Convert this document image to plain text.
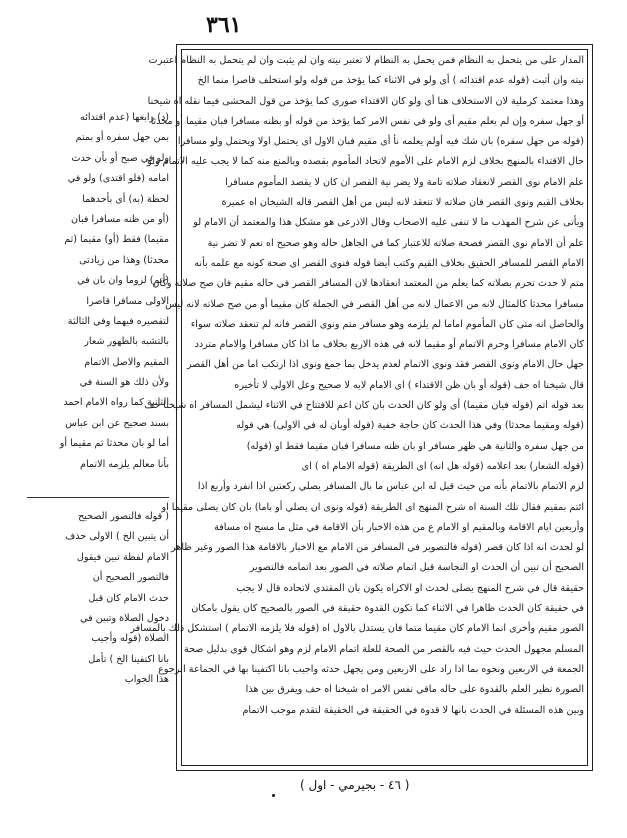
٣٦١
المدار على من يتحمل به النظام فمن يحمل به النظام لا تعتبر نيته وان لم يثبت وان لم يتحمل به النظام اعتبرت
نيته وان أثبت (قوله عدم اقتدائه ) أى ولو في الاثناء كما يؤخذ من قوله ولو استخلف قاصرا منما الخ
وهذا معتمد كرملية لان الاستخلاف هنا أى ولو كان الاقتداء صورى كما يؤخذ من قول المحشى فيما نقله اه شيخنا
أو جهل سفره وإن لم يعلم مقيم أى ولو في نفس الامر كما يؤخذ من قوله أو بظنه مسافرا فبان مقيما أو محدثا
(قوله من جهل سفره) بان شك فيه أولم يعلمه نأ أى مقيم فبان الاول اى يحتمل اولا ويحتمل ولو مسافرا
حال الاقتداء بالمنهج بخلاف لزم الامام على الأموم لاتحاد المأموم بقصده وبالمنع منه كما لا يجب عليه الاتمام ولو
علم الامام نوى القصر لانعقاد صلاته تامة ولا يضر نية القصر ان كان لا يقصد المأموم مسافرا
بخلاف القيم ونوى القصر فان صلاته لا تنعقد لانه ليس من أهل القصر قاله الشيخان اه عميرة
ويأتى عن شرح المهذب ما لا تنفى عليه الاصحاب وقال الاذرعى هو مشكل هذا والمعتمد أن الامام لو
علم أن الامام نوى القصر فصحة صلاته للاعتبار كما في الجاهل حاله وهو صحيح اه نعم لا تضر نية
الامام القصر للمسافر الحقيق بخلاف القيم وكتب أيضا قوله فنوى القصر اى صحة كونه مع علمه بأنه
متم لا حدث تحرم بصلاته كما يعلم من المعتمد انعقادها لان المسافر القصر في حاله مقيم فان صح صلاته وكان
مسافرا محدثا كالمثال لانه من الاعمال لانه من أهل القصر في الجملة كان مقيما أو من صح صلاته لانه ليس
والحاصل انه متى كان المأموم اماما لم يلزمه وهو مسافر متم ونوى القصر فانه لم تنعقد صلاته سواء
كان الامام مسافرا وحرم الاتمام أو مقيما لانه في هذه الاربع بخلاف ما اذا كان مسافرا والامام متردد
جهل حال الامام ونوى القصر فقد ونوى الاتمام لعدم يدخل بما جمع ونوى اذا ارتكب اما من أهل القصر
قال شيخنا اه حف (قوله أو بان ظن الاقتداء ) اى الامام لايه لا صحيح وعل الاولى لا تأخيره
بعد قوله اتم (قوله فيان مقيما) أى ولو كان الحدث بان كان اعم للافتتاح في الاثناء ليشمل المسافر اه شيخنا حف
(قوله ومقيما محدثا) وفي هذا الحدث كان حاجة خفية (قوله أوبان له في الاولى) هي قوله
من جهل سفره والثانية هي ظهر مسافر او بان ظنه مسافرا فبان مقيما فقط او (قوله)
(قوله الشعار) بعد اعلامه (قوله هل انه) اى الطريقة (قوله الامام اه ) اى
لزم الاتمام بالاتمام بأنه من حيث قيل له ابن عباس ما بال المسافر يصلي ركعتين اذا انفرد وأربع اذا
ائتم بمقيم فقال تلك السنة اه شرح المنهج اى الطريقة (قوله ونوى ان يصلي أو باما) بان كان يصلى مقيما او
وأربعين ايام الاقامة وبالمقيم او الامام ع من هذه الاخبار بأن الاقامة في مثل ما مسح اه مسافة
لو لحدث انه اذا كان قصر (قوله فالتصوير في المسافر من الامام مع الاخبار بالاقامة هذا الصور وغير ظاهر
الصحيح أن تبين أن الحدث او النجاسة قبل اتمام صلاته في الصور بعد اتمامه فالتصوير
حقيقة قال في شرح المنهج يصلى لحدث او الاكراه يكون بان المقتدى لاتحاده قال لا يجب
في حقيقة كان الحدث ظاهرا في الاثناء كما تكون القدوة حقيقة في الصور بالصحيح كان يقول بامكان
الصور مقيم وأخرى انما الامام كان مقيما متما فان يستدل بالاول اه (قوله فلا يلزمه الاتمام ) استشكل ذلك بالمسافر
المسلم مجهول الحدث حيث فيه بالقصر من الصحة للعلة اتمام الامام لزم وهو اشكال قوى بدليل صحة
الجمعة في الاربعين ونحوه بما اذا زاد على الاربعين ومن يجهل حدثه واجيب بانا اكتفينا بها في الجماعة الرجوع
الصورة نظير العلم بالقدوة على حاله ماقي نفس الامر اه شيخنا اه حف ويفرق بين هذا
وبين هذه المسئلة في الحدث بانها لا قدوة في الحقيقة في الحقيقة لتقدم موجب الاتمام
(د) رابعها (عدم اقتدائه
بمن جهل سفره أو بمتم
ولو في صبح أو بأن حدث
امامه (فلو اقتدى) ولو في
لحظة (به) أى بأحدهما
(أو من ظنه مسافرا فبان
مقيما) فقط (أو) مقيما (ثم
محدثا) وهذا من زيادتى
(أتم) لزوما وان بان في
الاولى مسافرا قاصرا
لتقصيره فيهما وفي الثالثة
بالتشبه بالظهور شعار
المقيم والاصل الاتمام
ولأن ذلك هو السنة في
الثانية كما رواه الامام احمد
بسند صحيح عن ابن عباس
أما لو بان محدثا ثم مقيما أو
بأنا معالم يلزمه الاتمام
( قوله فالتصور الصحيح
أن يتبين الخ ) الاولى حذف
الامام لفظة تبين فيقول
فالتصور الصحيح أن
حدث الامام كان قبل
دخول الصلاة وتبين في
الصلاة (قوله وأجيب
بانا اكتفينا الخ ) تأمل
هذا الجواب
( ٤٦ - بجيرمي - اول )
